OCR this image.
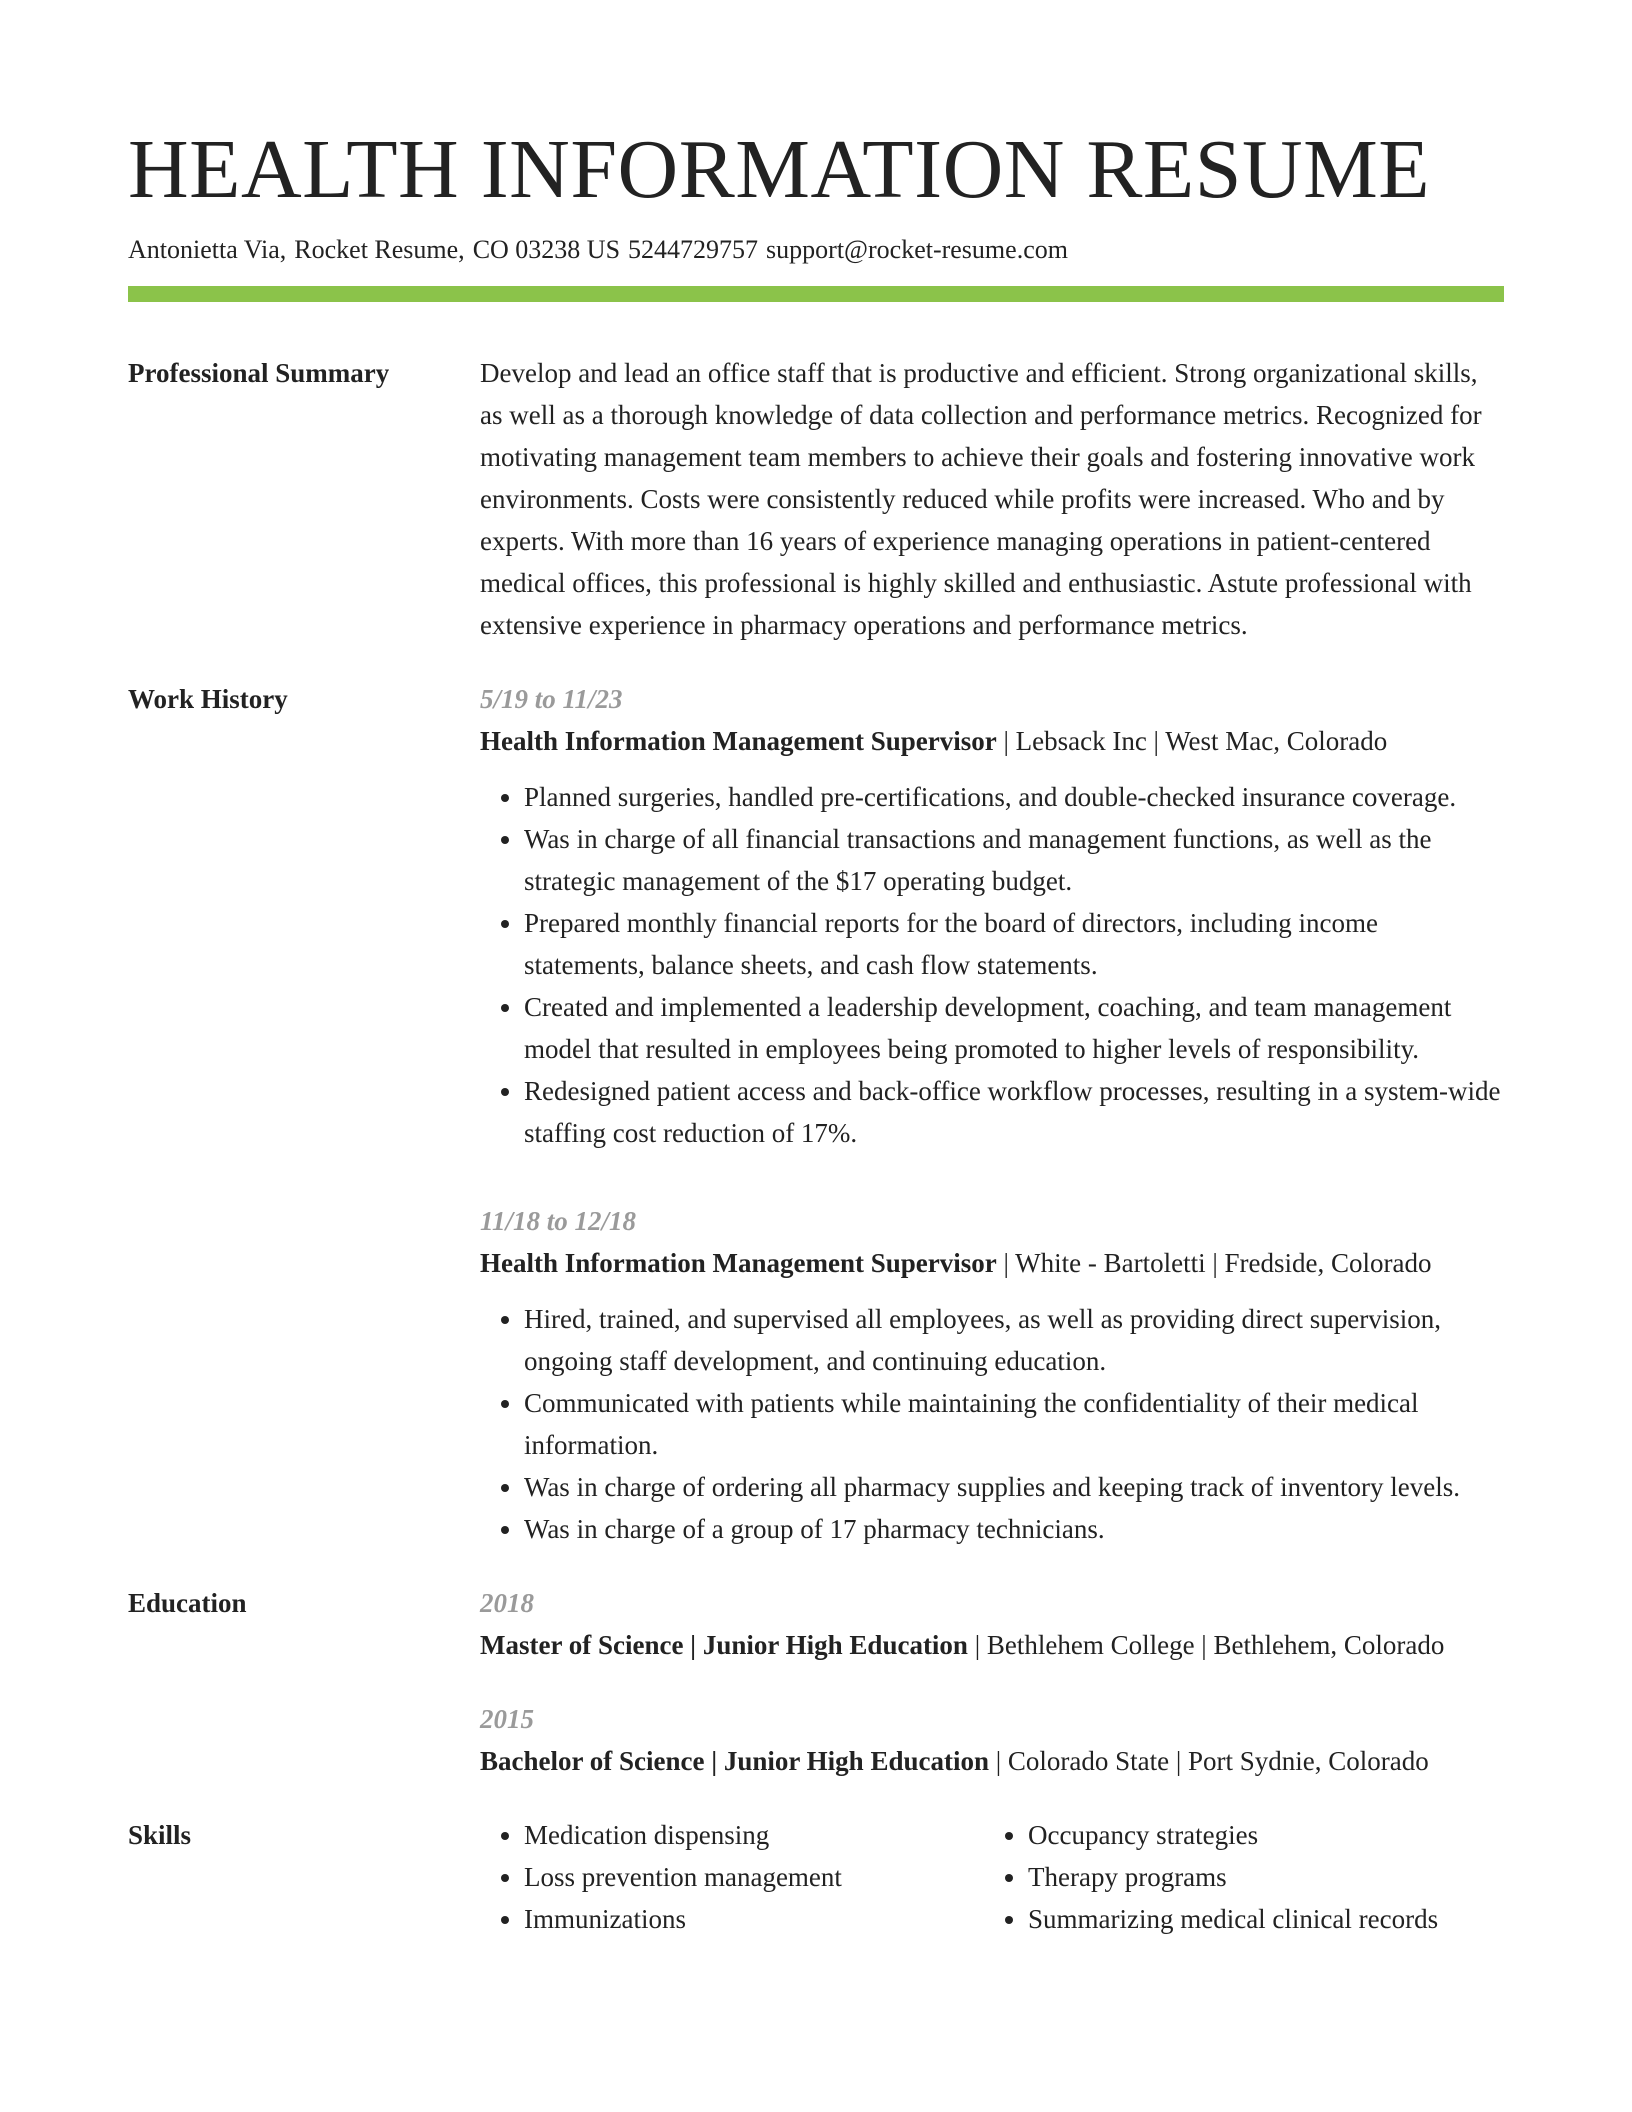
HEALTH INFORMATION RESUME
Antonietta Via, Rocket Resume, CO 03238 US 5244729757 support@rocket-resume.com
Professional Summary	Develop and lead an office staff that is productive and efficient. Strong organizational skills, as well as a thorough knowledge of data collection and performance metrics. Recognized for motivating management team members to achieve their goals and fostering innovative work environments. Costs were consistently reduced while profits were increased. Who and by experts. With more than 16 years of experience managing operations in patient-centered medical offices, this professional is highly skilled and enthusiastic. Astute professional with extensive experience in pharmacy operations and performance metrics.

Work History	5/19 to 11/23
Health Information Management Supervisor | Lebsack Inc | West Mac, Colorado
• Planned surgeries, handled pre-certifications, and double-checked insurance coverage.
• Was in charge of all financial transactions and management functions, as well as the strategic management of the $17 operating budget.
• Prepared monthly financial reports for the board of directors, including income statements, balance sheets, and cash flow statements.
• Created and implemented a leadership development, coaching, and team management model that resulted in employees being promoted to higher levels of responsibility.
• Redesigned patient access and back-office workflow processes, resulting in a system-wide staffing cost reduction of 17%.
11/18 to 12/18
Health Information Management Supervisor | White - Bartoletti | Fredside, Colorado
• Hired, trained, and supervised all employees, as well as providing direct supervision, ongoing staff development, and continuing education.
• Communicated with patients while maintaining the confidentiality of their medical information.
• Was in charge of ordering all pharmacy supplies and keeping track of inventory levels.
• Was in charge of a group of 17 pharmacy technicians.
Education	2018
Master of Science | Junior High Education | Bethlehem College | Bethlehem, Colorado
2015
Bachelor of Science | Junior High Education | Colorado State | Port Sydnie, Colorado
Skills
•	Medication dispensing
• Loss prevention management
• Immunizations
• Occupancy strategies
• Therapy programs
• Summarizing medical clinical records
